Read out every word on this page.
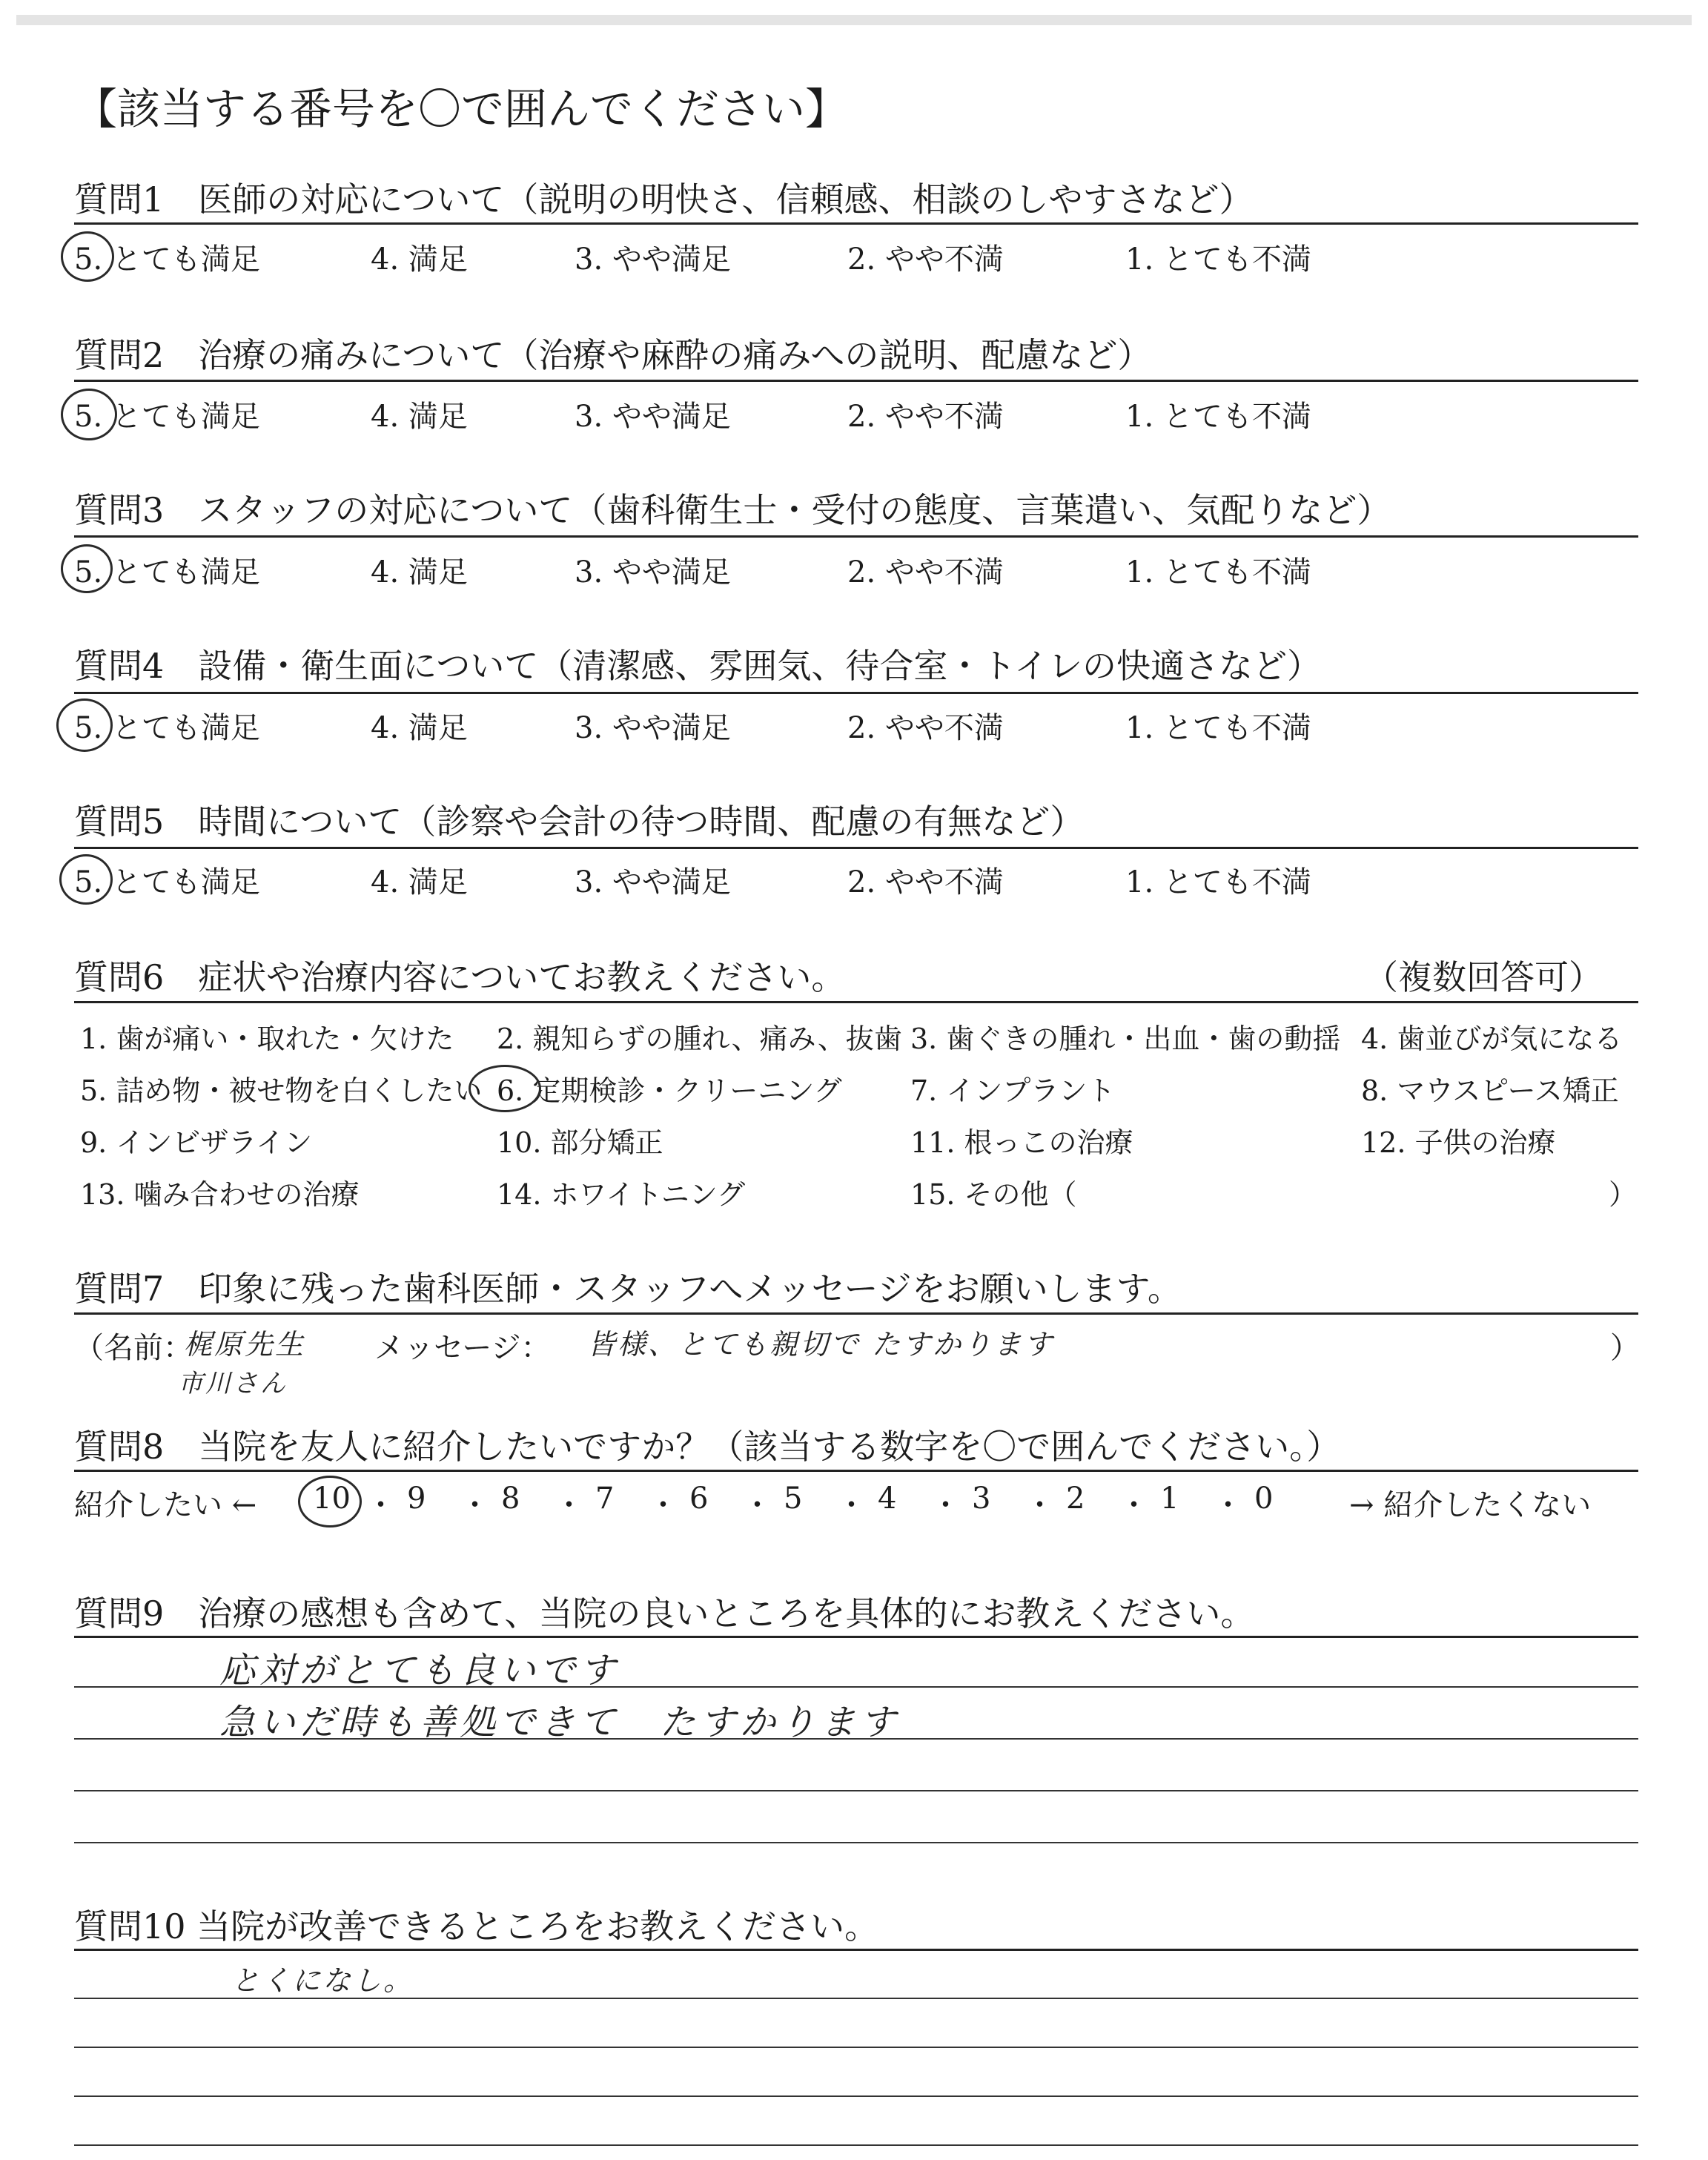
【該当する番号を〇で囲んでください】
質問1　医師の対応について（説明の明快さ、信頼感、相談のしやすさなど）
5. とても満足	4. 満足	3. やや満足	2. やや不満	1. とても不満
質問2　治療の痛みについて（治療や麻酔の痛みへの説明、配慮など）
5. とても満足	4. 満足	3. やや満足	2. やや不満	1. とても不満
質問3　スタッフの対応について（歯科衛生士・受付の態度、言葉遣い、気配りなど）
5. とても満足	4. 満足	3. やや満足	2. やや不満	1. とても不満
質問4　設備・衛生面について（清潔感、雰囲気、待合室・トイレの快適さなど）
5. とても満足	4. 満足	3. やや満足	2. やや不満	1. とても不満
質問5　時間について（診察や会計の待つ時間、配慮の有無など）
5. とても満足	4. 満足	3. やや満足	2. やや不満	1. とても不満
質問6　症状や治療内容についてお教えください。	（複数回答可）
1. 歯が痛い・取れた・欠けた 2. 親知らずの腫れ、痛み、抜歯 3. 歯ぐきの腫れ・出血・歯の動揺 4. 歯並びが気になる
5. 詰め物・被せ物を白くしたい 6. 定期検診・クリーニング 7. インプラント	8. マウスピース矯正
9. インビザライン	10. 部分矯正	11. 根っこの治療	12. 子供の治療
13. 噛み合わせの治療	14. ホワイトニング	15. その他（	）
質問7　印象に残った歯科医師・スタッフへメッセージをお願いします。
（名前：
梶原先生
市川さん
メッセージ： 皆様、とても親切で たすかります	）
質問8　当院を友人に紹介したいですか？（該当する数字を〇で囲んでください。）
紹介したい ←	→ 紹介したくない
10 ・ 9 ・ 8 ・ 7 ・ 6 ・ 5 ・ 4 ・ 3 ・ 2 ・ 1 ・ 0
質問9　治療の感想も含めて、当院の良いところを具体的にお教えください。
応対がとても良いです
急いだ時も善処できて　たすかります
質問10 当院が改善できるところをお教えください。
とくになし。
